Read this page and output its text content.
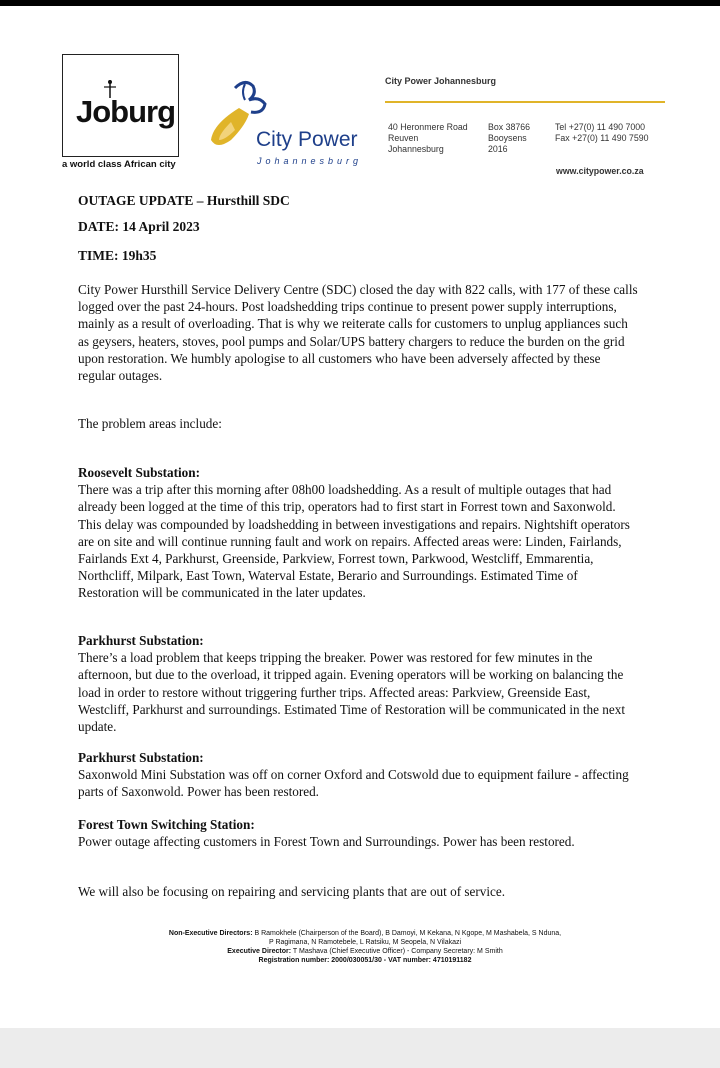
Joburg
a world class African city
City Power
Johannesburg
City Power Johannesburg
40 Heronmere Road
Reuven
Johannesburg
Box 38766
Booysens
2016
Tel +27(0) 11 490 7000
Fax +27(0) 11 490 7590
www.citypower.co.za
OUTAGE UPDATE – Hursthill SDC
DATE: 14 April 2023
TIME: 19h35
City Power Hursthill Service Delivery Centre (SDC) closed the day with 822 calls, with 177 of these calls logged over the past 24-hours. Post loadshedding trips continue to present power supply interruptions, mainly as a result of overloading. That is why we reiterate calls for customers to unplug appliances such as geysers, heaters, stoves, pool pumps and Solar/UPS battery chargers to reduce the burden on the grid upon restoration. We humbly apologise to all customers who have been adversely affected by these regular outages.
The problem areas include:
Roosevelt Substation:
There was a trip after this morning after 08h00 loadshedding. As a result of multiple outages that had already been logged at the time of this trip, operators had to first start in Forrest town and Saxonwold. This delay was compounded by loadshedding in between investigations and repairs. Nightshift operators are on site and will continue running fault and work on repairs. Affected areas were: Linden, Fairlands, Fairlands Ext 4, Parkhurst, Greenside, Parkview, Forrest town, Parkwood, Westcliff, Emmarentia, Northcliff, Milpark, East Town, Waterval Estate, Berario and Surroundings. Estimated Time of Restoration will be communicated in the later updates.
Parkhurst Substation:
There’s a load problem that keeps tripping the breaker. Power was restored for few minutes in the afternoon, but due to the overload, it tripped again. Evening operators will be working on balancing the load in order to restore without triggering further trips. Affected areas: Parkview, Greenside East, Westcliff, Parkhurst and surroundings. Estimated Time of Restoration will be communicated in the next update.
Parkhurst Substation:
Saxonwold Mini Substation was off on corner Oxford and Cotswold due to equipment failure - affecting parts of Saxonwold. Power has been restored.
Forest Town Switching Station:
Power outage affecting customers in Forest Town and Surroundings. Power has been restored.
We will also be focusing on repairing and servicing plants that are out of service.
Non-Executive Directors: B Ramokhele (Chairperson of the Board), B Damoyi, M Kekana, N Kgope, M Mashabela, S Nduna,
P Ragimana, N Ramotebele, L Ratsiku, M Seopela, N Vilakazi
Executive Director: T Mashava (Chief Executive Officer) - Company Secretary: M Smith
Registration number: 2000/030051/30 - VAT number: 4710191182
